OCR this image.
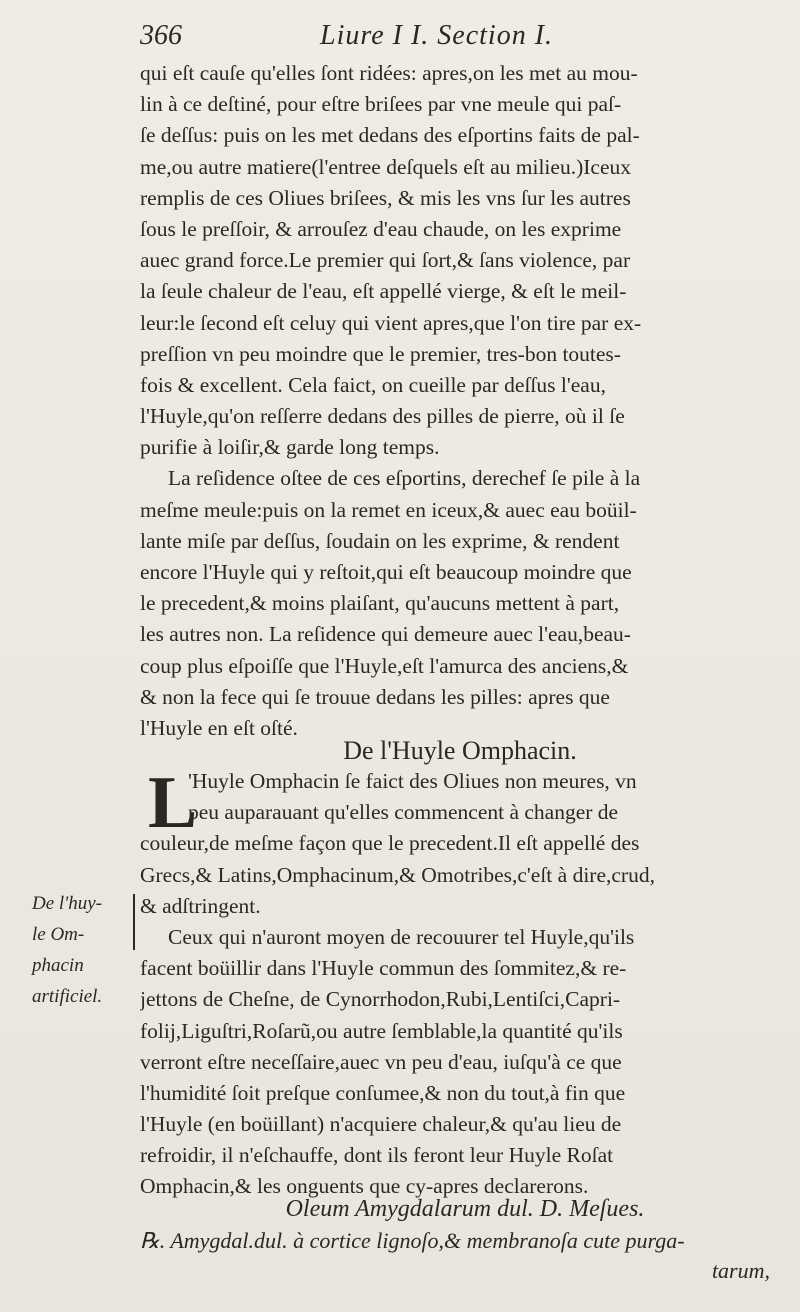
366	Liure I I. Section I.
qui eſt cauſe qu'elles ſont ridées: apres,on les met au mou-
lin à ce deſtiné, pour eſtre briſees par vne meule qui paſ-
ſe deſſus: puis on les met dedans des eſportins faits de pal-
me,ou autre matiere(l'entree deſquels eſt au milieu.)Iceux
remplis de ces Oliues briſees, & mis les vns ſur les autres
ſous le preſſoir, & arrouſez d'eau chaude, on les exprime
auec grand force.Le premier qui ſort,& ſans violence, par
la ſeule chaleur de l'eau, eſt appellé vierge, & eſt le meil-
leur:le ſecond eſt celuy qui vient apres,que l'on tire par ex-
preſſion vn peu moindre que le premier, tres-bon toutes-
fois & excellent. Cela faict, on cueille par deſſus l'eau,
l'Huyle,qu'on reſſerre dedans des pilles de pierre, où il ſe
purifie à loiſir,& garde long temps.
La reſidence oſtee de ces eſportins, derechef ſe pile à la
meſme meule:puis on la remet en iceux,& auec eau boüil-
lante miſe par deſſus, ſoudain on les exprime, & rendent
encore l'Huyle qui y reſtoit,qui eſt beaucoup moindre que
le precedent,& moins plaiſant, qu'aucuns mettent à part,
les autres non. La reſidence qui demeure auec l'eau,beau-
coup plus eſpoiſſe que l'Huyle,eſt l'amurca des anciens,&
& non la fece qui ſe trouue dedans les pilles: apres que
l'Huyle en eſt oſté.
De l'Huyle Omphacin.
L
'Huyle Omphacin ſe faict des Oliues non meures, vn
peu auparauant qu'elles commencent à changer de
couleur,de meſme façon que le precedent.Il eſt appellé des
Grecs,& Latins,Omphacinum,& Omotribes,c'eſt à dire,crud,
& adſtringent.
Ceux qui n'auront moyen de recouurer tel Huyle,qu'ils
facent boüillir dans l'Huyle commun des ſommitez,& re-
jettons de Cheſne, de Cynorrhodon,Rubi,Lentiſci,Capri-
folij,Liguſtri,Roſarũ,ou autre ſemblable,la quantité qu'ils
verront eſtre neceſſaire,auec vn peu d'eau, iuſqu'à ce que
l'humidité ſoit preſque conſumee,& non du tout,à fin que
l'Huyle (en boüillant) n'acquiere chaleur,& qu'au lieu de
refroidir, il n'eſchauffe, dont ils feront leur Huyle Roſat
Omphacin,& les onguents que cy-apres declarerons.
De l'huy-
le Om-
phacin
artificiel.
Oleum Amygdalarum dul. D. Meſues.
℞. Amygdal.dul. à cortice lignoſo,& membranoſa cute purga-
tarum,
